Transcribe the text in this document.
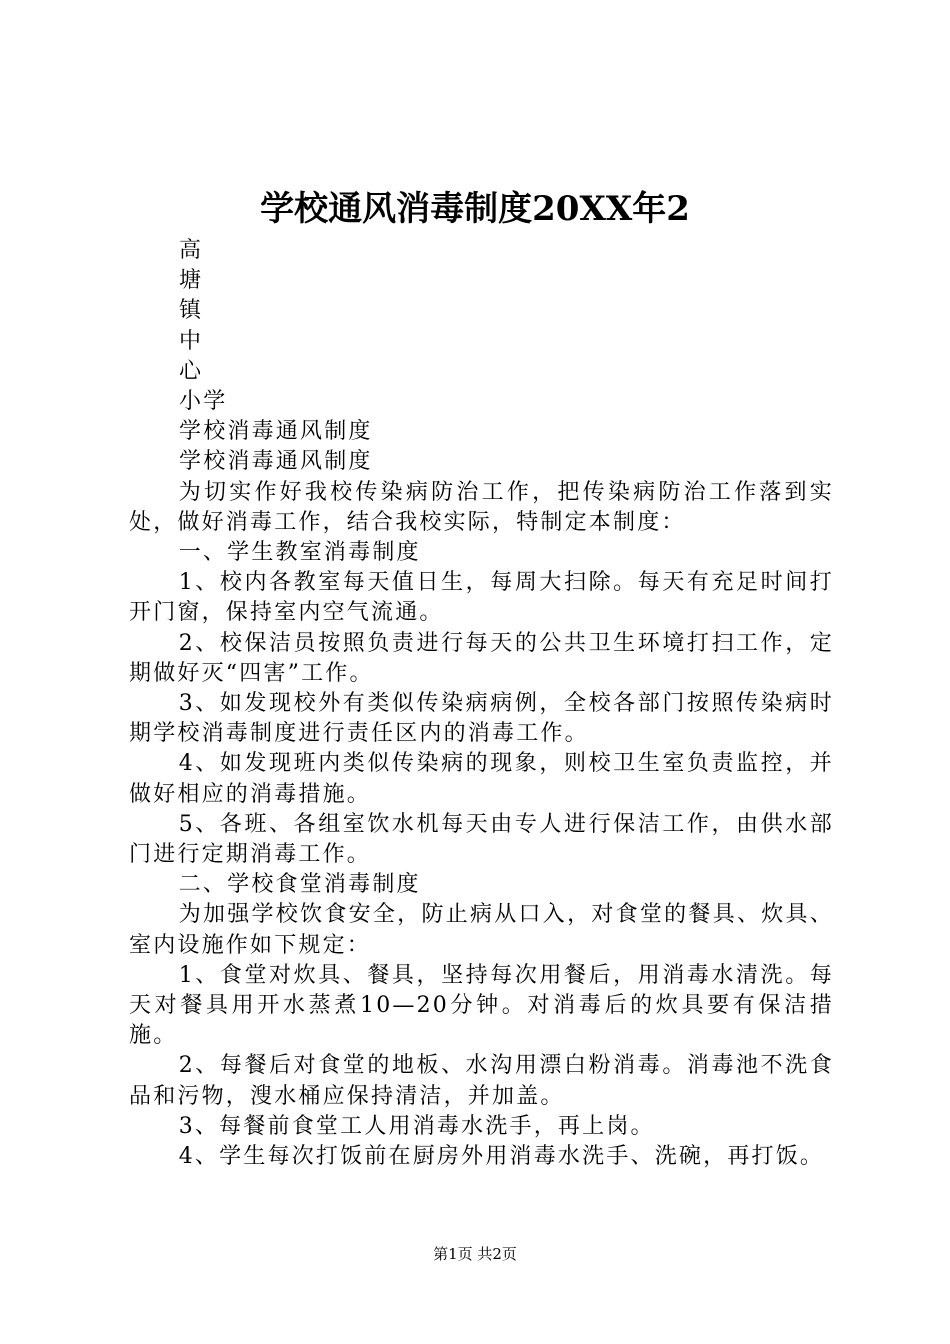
学校通风消毒制度20XX年2

高

塘

镇

中

心

小学

学校消毒通风制度

学校消毒通风制度

为切实作好我校传染病防治工作，把传染病防治工作落到实处，做好消毒工作，结合我校实际，特制定本制度：

一、学生教室消毒制度

1、校内各教室每天值日生，每周大扫除。每天有充足时间打开门窗，保持室内空气流通。

2、校保洁员按照负责进行每天的公共卫生环境打扫工作，定期做好灭“四害”工作。

3、如发现校外有类似传染病病例，全校各部门按照传染病时期学校消毒制度进行责任区内的消毒工作。

4、如发现班内类似传染病的现象，则校卫生室负责监控，并做好相应的消毒措施。

5、各班、各组室饮水机每天由专人进行保洁工作，由供水部门进行定期消毒工作。

二、学校食堂消毒制度

为加强学校饮食安全，防止病从口入，对食堂的餐具、炊具、室内设施作如下规定：

1、食堂对炊具、餐具，坚持每次用餐后，用消毒水清洗。每天对餐具用开水蒸煮10—20分钟。对消毒后的炊具要有保洁措施。

2、每餐后对食堂的地板、水沟用漂白粉消毒。消毒池不洗食品和污物，溲水桶应保持清洁，并加盖。

3、每餐前食堂工人用消毒水洗手，再上岗。

4、学生每次打饭前在厨房外用消毒水洗手、洗碗，再打饭。

第1页 共2页
